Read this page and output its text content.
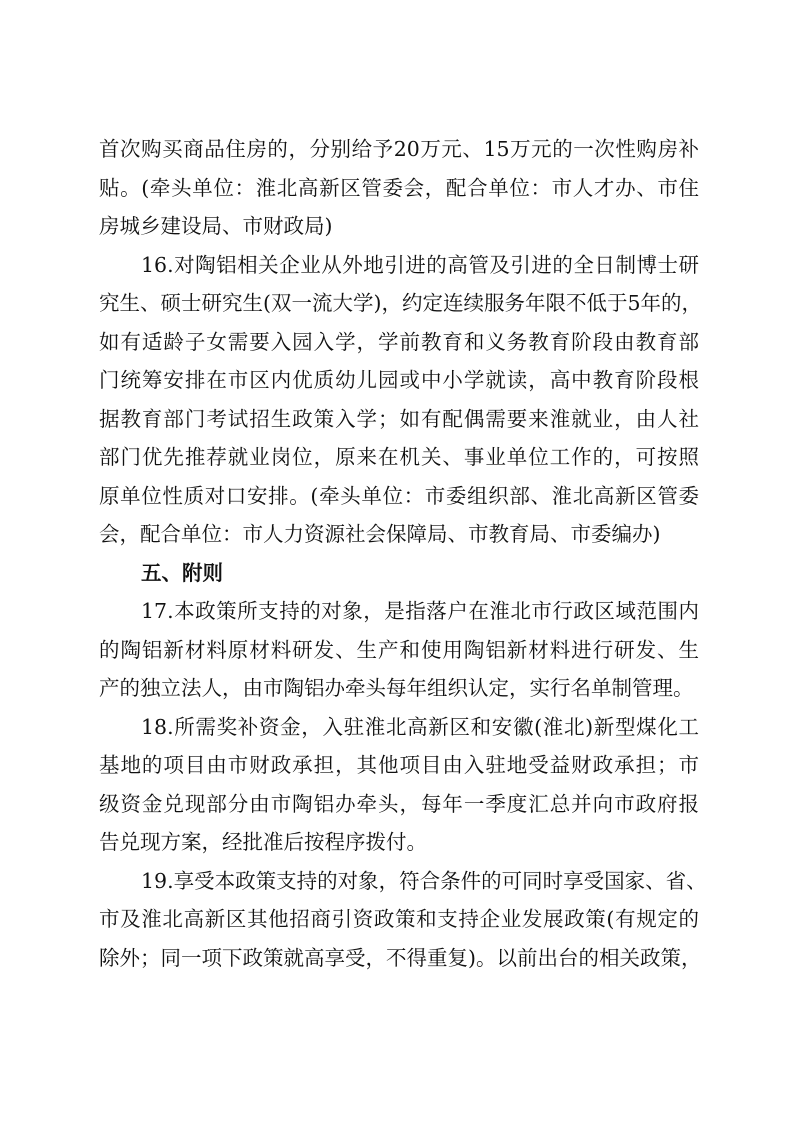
首次购买商品住房的，分别给予20万元、15万元的一次性购房补
贴。(牵头单位：淮北高新区管委会，配合单位：市人才办、市住
房城乡建设局、市财政局)
16.对陶铝相关企业从外地引进的高管及引进的全日制博士研
究生、硕士研究生(双一流大学)，约定连续服务年限不低于5年的，
如有适龄子女需要入园入学，学前教育和义务教育阶段由教育部
门统筹安排在市区内优质幼儿园或中小学就读，高中教育阶段根
据教育部门考试招生政策入学；如有配偶需要来淮就业，由人社
部门优先推荐就业岗位，原来在机关、事业单位工作的，可按照
原单位性质对口安排。(牵头单位：市委组织部、淮北高新区管委
会，配合单位：市人力资源社会保障局、市教育局、市委编办)
五、附则
17.本政策所支持的对象，是指落户在淮北市行政区域范围内
的陶铝新材料原材料研发、生产和使用陶铝新材料进行研发、生
产的独立法人，由市陶铝办牵头每年组织认定，实行名单制管理。
18.所需奖补资金，入驻淮北高新区和安徽(淮北)新型煤化工
基地的项目由市财政承担，其他项目由入驻地受益财政承担；市
级资金兑现部分由市陶铝办牵头，每年一季度汇总并向市政府报
告兑现方案，经批准后按程序拨付。
19.享受本政策支持的对象，符合条件的可同时享受国家、省、
市及淮北高新区其他招商引资政策和支持企业发展政策(有规定的
除外；同一项下政策就高享受，不得重复)。以前出台的相关政策，
